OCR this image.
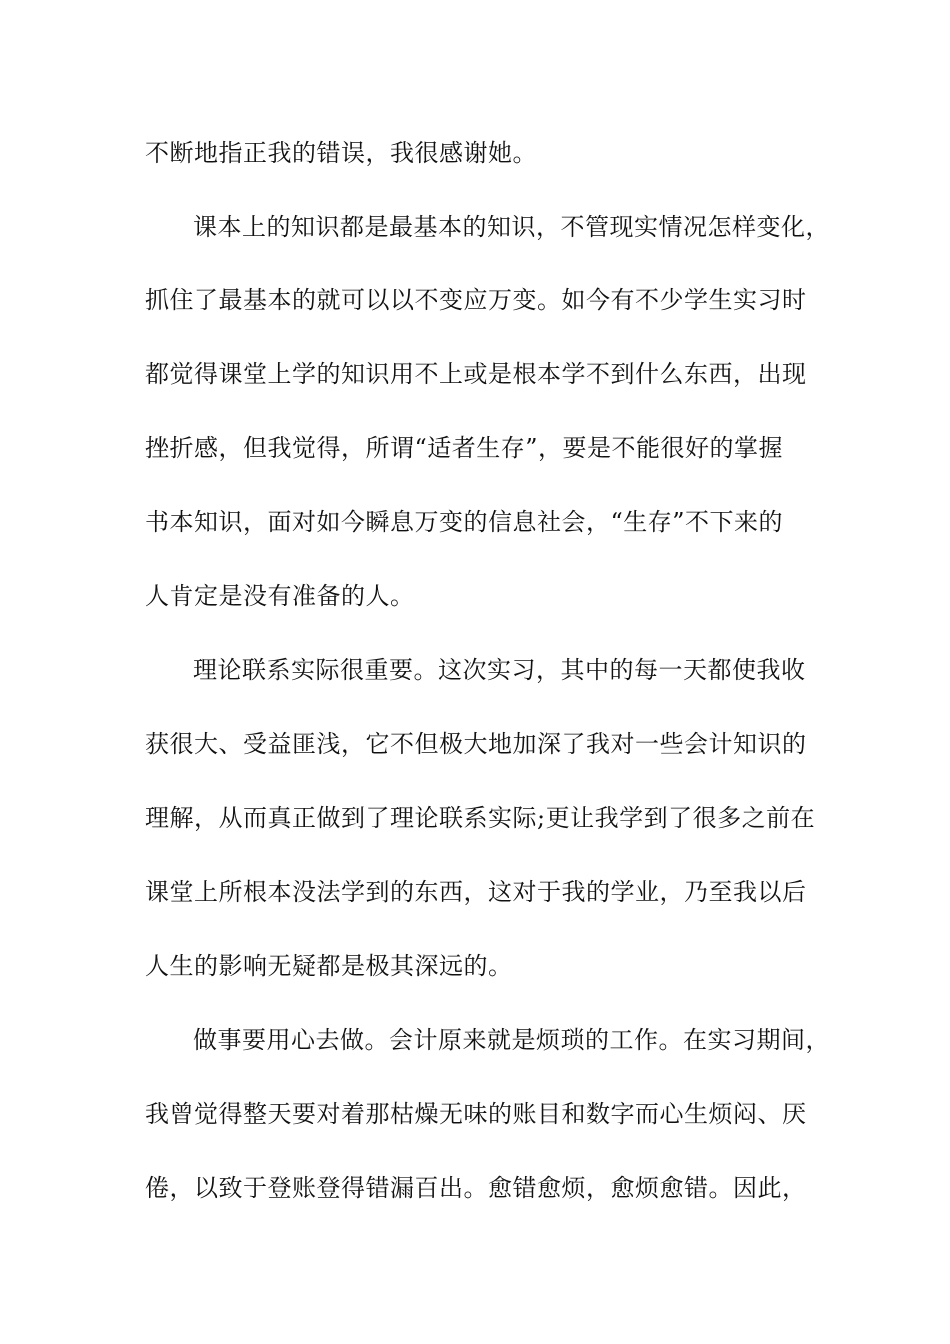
不断地指正我的错误，我很感谢她。
课本上的知识都是最基本的知识，不管现实情况怎样变化，
抓住了最基本的就可以以不变应万变。如今有不少学生实习时
都觉得课堂上学的知识用不上或是根本学不到什么东西，出现
挫折感，但我觉得，所谓“适者生存”，要是不能很好的掌握
书本知识，面对如今瞬息万变的信息社会，“生存”不下来的
人肯定是没有准备的人。
理论联系实际很重要。这次实习，其中的每一天都使我收
获很大、受益匪浅，它不但极大地加深了我对一些会计知识的
理解，从而真正做到了理论联系实际;更让我学到了很多之前在
课堂上所根本没法学到的东西，这对于我的学业，乃至我以后
人生的影响无疑都是极其深远的。
做事要用心去做。会计原来就是烦琐的工作。在实习期间，
我曾觉得整天要对着那枯燥无味的账目和数字而心生烦闷、厌
倦，以致于登账登得错漏百出。愈错愈烦，愈烦愈错。因此，
